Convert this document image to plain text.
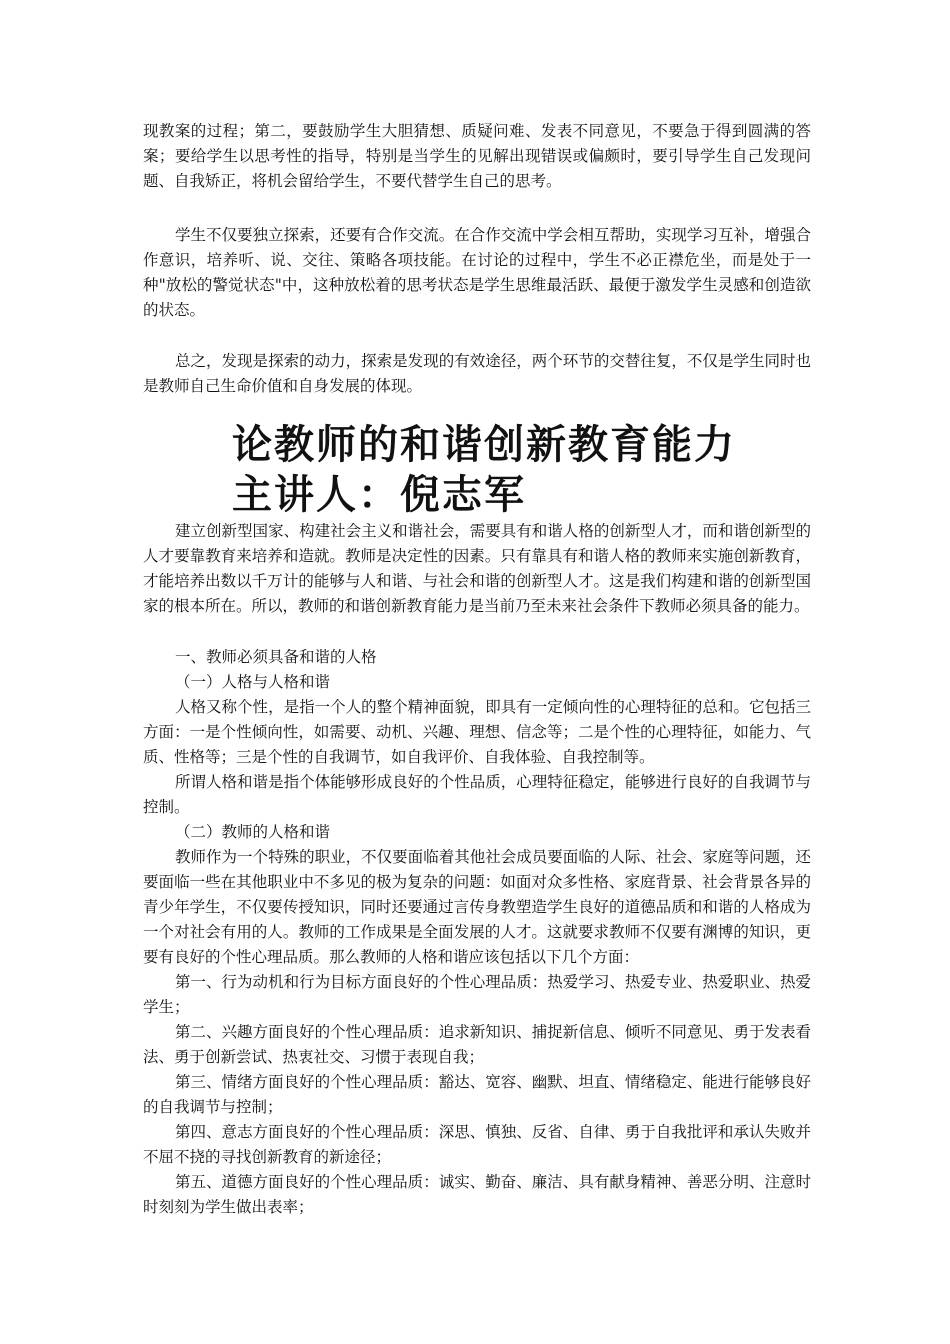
现教案的过程；第二，要鼓励学生大胆猜想、质疑问难、发表不同意见，不要急于得到圆满的答案；要给学生以思考性的指导，特别是当学生的见解出现错误或偏颇时，要引导学生自己发现问题、自我矫正，将机会留给学生，不要代替学生自己的思考。

学生不仅要独立探索，还要有合作交流。在合作交流中学会相互帮助，实现学习互补，增强合作意识，培养听、说、交往、策略各项技能。在讨论的过程中，学生不必正襟危坐，而是处于一种"放松的警觉状态"中，这种放松着的思考状态是学生思维最活跃、最便于激发学生灵感和创造欲的状态。

总之，发现是探索的动力，探索是发现的有效途径，两个环节的交替往复，不仅是学生同时也是教师自己生命价值和自身发展的体现。

论教师的和谐创新教育能力
主讲人：倪志军

建立创新型国家、构建社会主义和谐社会，需要具有和谐人格的创新型人才，而和谐创新型的人才要靠教育来培养和造就。教师是决定性的因素。只有靠具有和谐人格的教师来实施创新教育，才能培养出数以千万计的能够与人和谐、与社会和谐的创新型人才。这是我们构建和谐的创新型国家的根本所在。所以，教师的和谐创新教育能力是当前乃至未来社会条件下教师必须具备的能力。

一、教师必须具备和谐的人格

（一）人格与人格和谐

人格又称个性，是指一个人的整个精神面貌，即具有一定倾向性的心理特征的总和。它包括三方面：一是个性倾向性，如需要、动机、兴趣、理想、信念等；二是个性的心理特征，如能力、气质、性格等；三是个性的自我调节，如自我评价、自我体验、自我控制等。

所谓人格和谐是指个体能够形成良好的个性品质，心理特征稳定，能够进行良好的自我调节与控制。

（二）教师的人格和谐

教师作为一个特殊的职业，不仅要面临着其他社会成员要面临的人际、社会、家庭等问题，还要面临一些在其他职业中不多见的极为复杂的问题：如面对众多性格、家庭背景、社会背景各异的青少年学生，不仅要传授知识，同时还要通过言传身教塑造学生良好的道德品质和和谐的人格成为一个对社会有用的人。教师的工作成果是全面发展的人才。这就要求教师不仅要有渊博的知识，更要有良好的个性心理品质。那么教师的人格和谐应该包括以下几个方面：

第一、行为动机和行为目标方面良好的个性心理品质：热爱学习、热爱专业、热爱职业、热爱学生；

第二、兴趣方面良好的个性心理品质：追求新知识、捕捉新信息、倾听不同意见、勇于发表看法、勇于创新尝试、热衷社交、习惯于表现自我；

第三、情绪方面良好的个性心理品质：豁达、宽容、幽默、坦直、情绪稳定、能进行能够良好的自我调节与控制；

第四、意志方面良好的个性心理品质：深思、慎独、反省、自律、勇于自我批评和承认失败并不屈不挠的寻找创新教育的新途径；

第五、道德方面良好的个性心理品质：诚实、勤奋、廉洁、具有献身精神、善恶分明、注意时时刻刻为学生做出表率；
